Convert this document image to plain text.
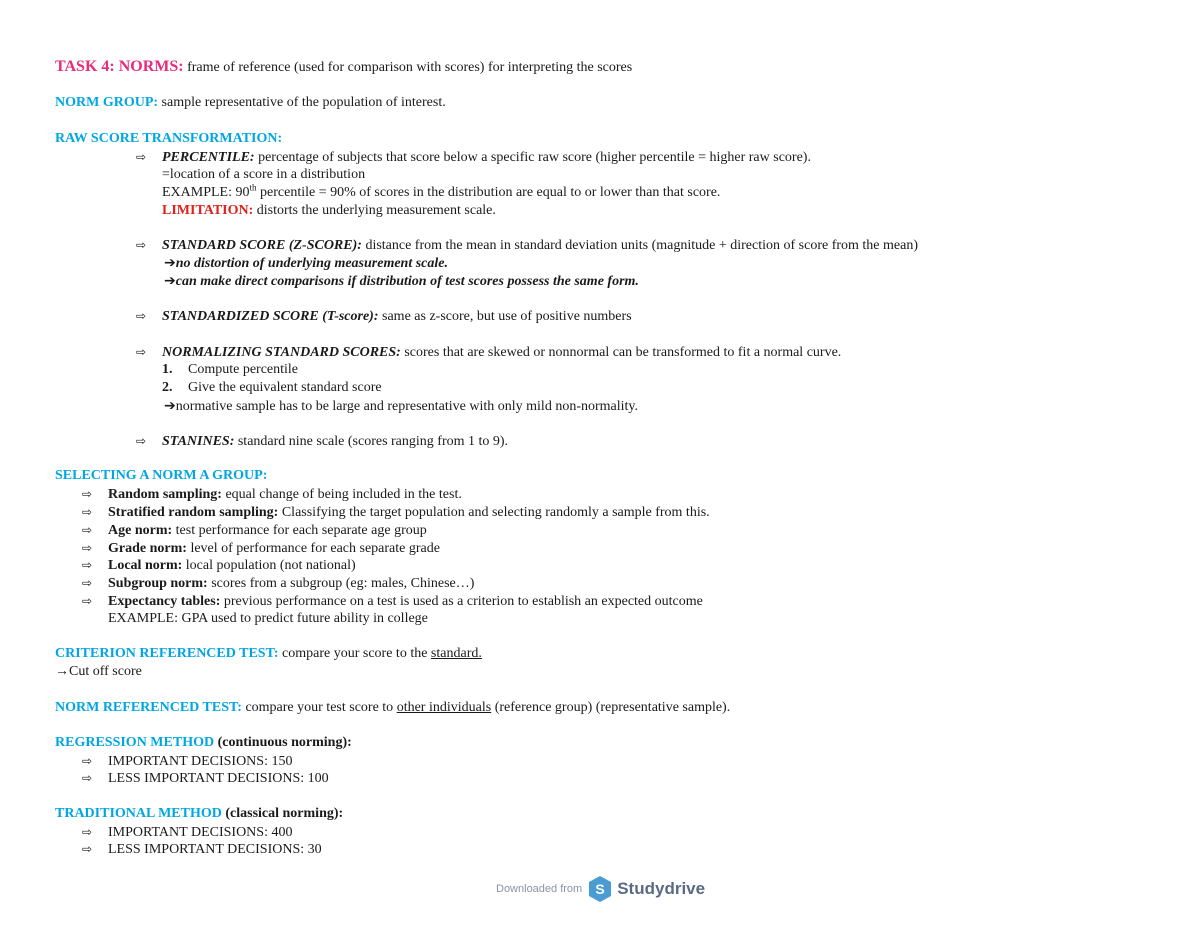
TASK 4: NORMS: frame of reference (used for comparison with scores) for interpreting the scores
NORM GROUP: sample representative of the population of interest.
RAW SCORE TRANSFORMATION:
⇨ PERCENTILE: percentage of subjects that score below a specific raw score (higher percentile = higher raw score).
=location of a score in a distribution
EXAMPLE: 90th percentile = 90% of scores in the distribution are equal to or lower than that score.
LIMITATION: distorts the underlying measurement scale.
⇨ STANDARD SCORE (Z-SCORE): distance from the mean in standard deviation units (magnitude + direction of score from the mean)
➔no distortion of underlying measurement scale.
➔can make direct comparisons if distribution of test scores possess the same form.
⇨ STANDARDIZED SCORE (T-score): same as z-score, but use of positive numbers
⇨ NORMALIZING STANDARD SCORES: scores that are skewed or nonnormal can be transformed to fit a normal curve.
1. Compute percentile
2. Give the equivalent standard score
➔normative sample has to be large and representative with only mild non-normality.
⇨ STANINES: standard nine scale (scores ranging from 1 to 9).
SELECTING A NORM A GROUP:
⇨ Random sampling: equal change of being included in the test.
⇨ Stratified random sampling: Classifying the target population and selecting randomly a sample from this.
⇨ Age norm: test performance for each separate age group
⇨ Grade norm: level of performance for each separate grade
⇨ Local norm: local population (not national)
⇨ Subgroup norm: scores from a subgroup (eg: males, Chinese…)
⇨ Expectancy tables: previous performance on a test is used as a criterion to establish an expected outcome
EXAMPLE: GPA used to predict future ability in college
CRITERION REFERENCED TEST: compare your score to the standard.
→Cut off score
NORM REFERENCED TEST: compare your test score to other individuals (reference group) (representative sample).
REGRESSION METHOD (continuous norming):
⇨ IMPORTANT DECISIONS: 150
⇨ LESS IMPORTANT DECISIONS: 100
TRADITIONAL METHOD (classical norming):
⇨ IMPORTANT DECISIONS: 400
⇨ LESS IMPORTANT DECISIONS: 30
Downloaded from S Studydrive
